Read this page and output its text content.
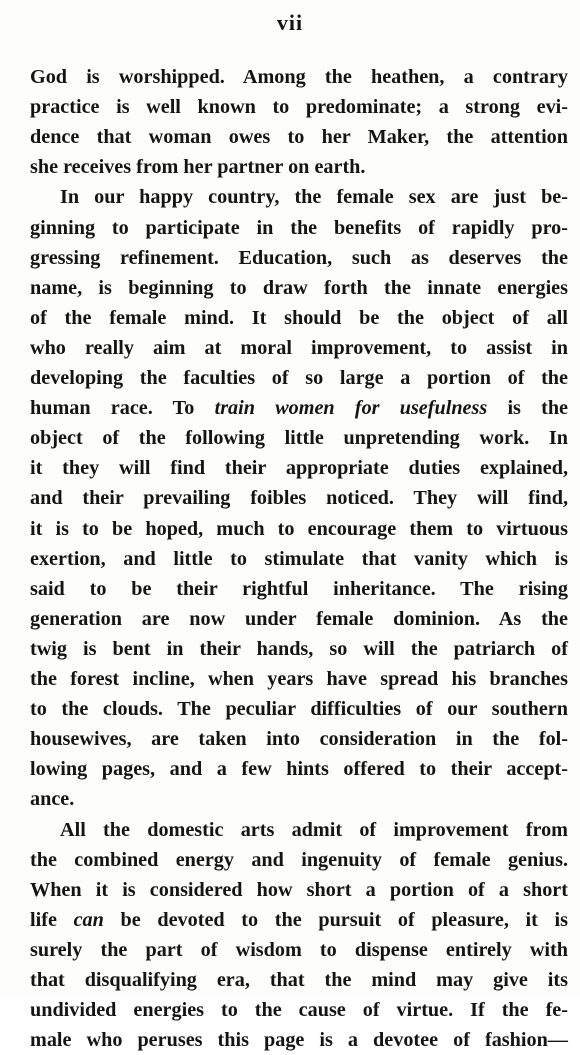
vii
God is worshipped. Among the heathen, a contrary
practice is well known to predominate; a strong evi-
dence that woman owes to her Maker, the attention
she receives from her partner on earth.
In our happy country, the female sex are just be-
ginning to participate in the benefits of rapidly pro-
gressing refinement. Education, such as deserves the
name, is beginning to draw forth the innate energies
of the female mind. It should be the object of all
who really aim at moral improvement, to assist in
developing the faculties of so large a portion of the
human race. To train women for usefulness is the
object of the following little unpretending work. In
it they will find their appropriate duties explained,
and their prevailing foibles noticed. They will find,
it is to be hoped, much to encourage them to virtuous
exertion, and little to stimulate that vanity which is
said to be their rightful inheritance. The rising
generation are now under female dominion. As the
twig is bent in their hands, so will the patriarch of
the forest incline, when years have spread his branches
to the clouds. The peculiar difficulties of our southern
housewives, are taken into consideration in the fol-
lowing pages, and a few hints offered to their accept-
ance.
All the domestic arts admit of improvement from
the combined energy and ingenuity of female genius.
When it is considered how short a portion of a short
life can be devoted to the pursuit of pleasure, it is
surely the part of wisdom to dispense entirely with
that disqualifying era, that the mind may give its
undivided energies to the cause of virtue. If the fe-
male who peruses this page is a devotee of fashion—
